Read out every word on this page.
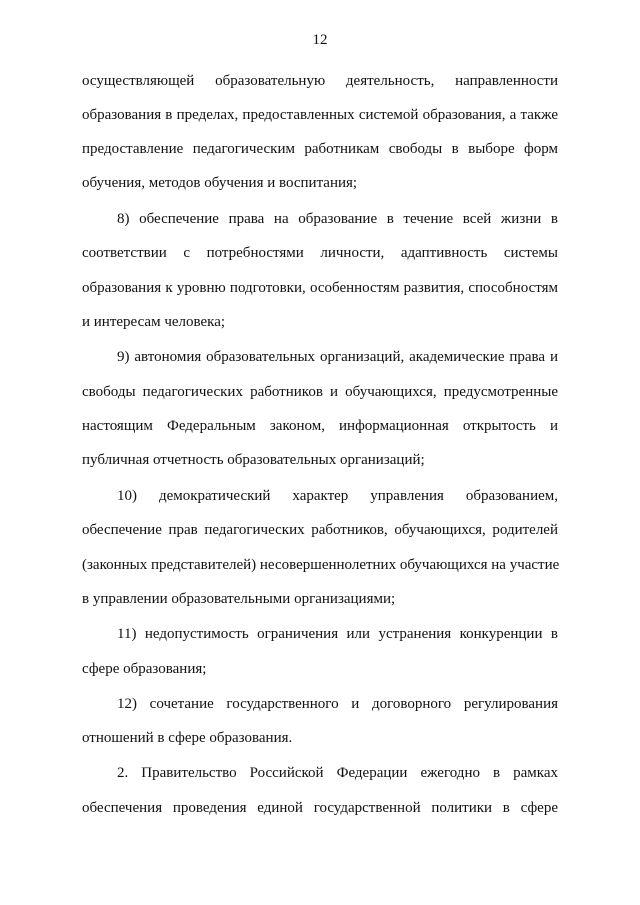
12
осуществляющей образовательную деятельность, направленности
образования в пределах, предоставленных системой образования, а также
предоставление педагогическим работникам свободы в выборе форм
обучения, методов обучения и воспитания;
8) обеспечение права на образование в течение всей жизни в
соответствии с потребностями личности, адаптивность системы
образования к уровню подготовки, особенностям развития, способностям
и интересам человека;
9) автономия образовательных организаций, академические права и
свободы педагогических работников и обучающихся, предусмотренные
настоящим Федеральным законом, информационная открытость и
публичная отчетность образовательных организаций;
10) демократический характер управления образованием,
обеспечение прав педагогических работников, обучающихся, родителей
(законных представителей) несовершеннолетних обучающихся на участие
в управлении образовательными организациями;
11) недопустимость ограничения или устранения конкуренции в
сфере образования;
12) сочетание государственного и договорного регулирования
отношений в сфере образования.
2. Правительство Российской Федерации ежегодно в рамках
обеспечения проведения единой государственной политики в сфере
